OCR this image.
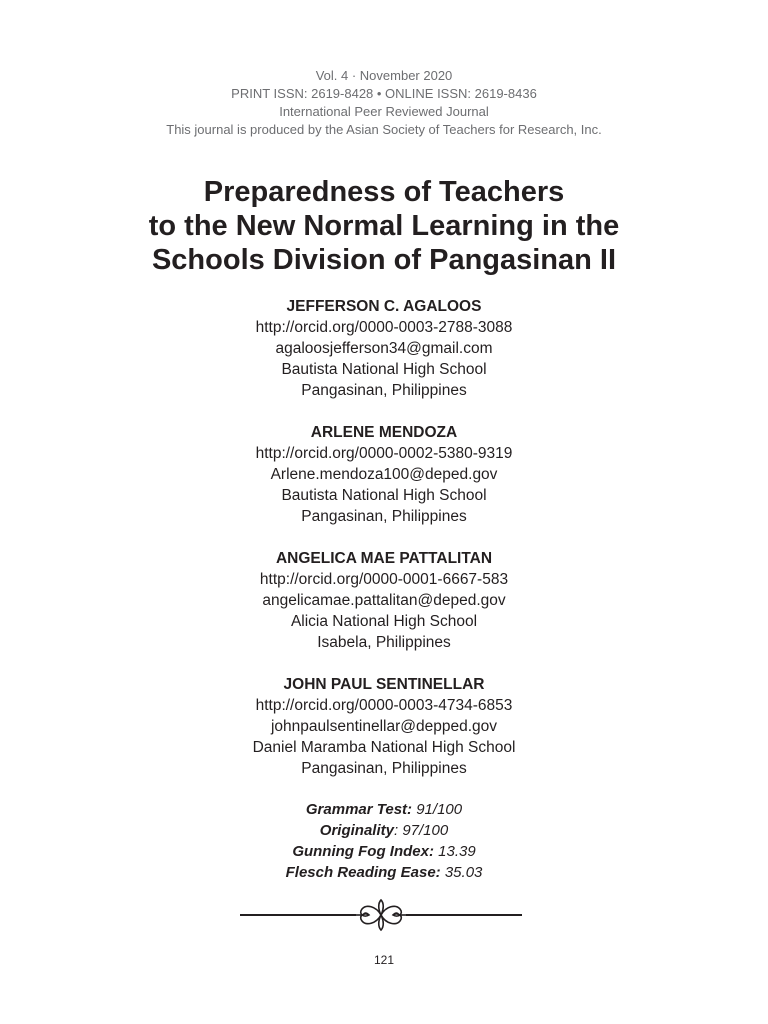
Vol. 4 · November 2020
PRINT ISSN: 2619-8428 • ONLINE ISSN: 2619-8436
International Peer Reviewed Journal
This journal is produced by the Asian Society of Teachers for Research, Inc.
Preparedness of Teachers
to the New Normal Learning in the
Schools Division of Pangasinan II
JEFFERSON C. AGALOOS
http://orcid.org/0000-0003-2788-3088
agaloosjefferson34@gmail.com
Bautista National High School
Pangasinan, Philippines
ARLENE MENDOZA
http://orcid.org/0000-0002-5380-9319
Arlene.mendoza100@deped.gov
Bautista National High School
Pangasinan, Philippines
ANGELICA MAE PATTALITAN
http://orcid.org/0000-0001-6667-583
angelicamae.pattalitan@deped.gov
Alicia National High School
Isabela, Philippines
JOHN PAUL SENTINELLAR
http://orcid.org/0000-0003-4734-6853
johnpaulsentinellar@depped.gov
Daniel Maramba National High School
Pangasinan, Philippines
Grammar Test: 91/100
Originality: 97/100
Gunning Fog Index: 13.39
Flesch Reading Ease: 35.03
121
